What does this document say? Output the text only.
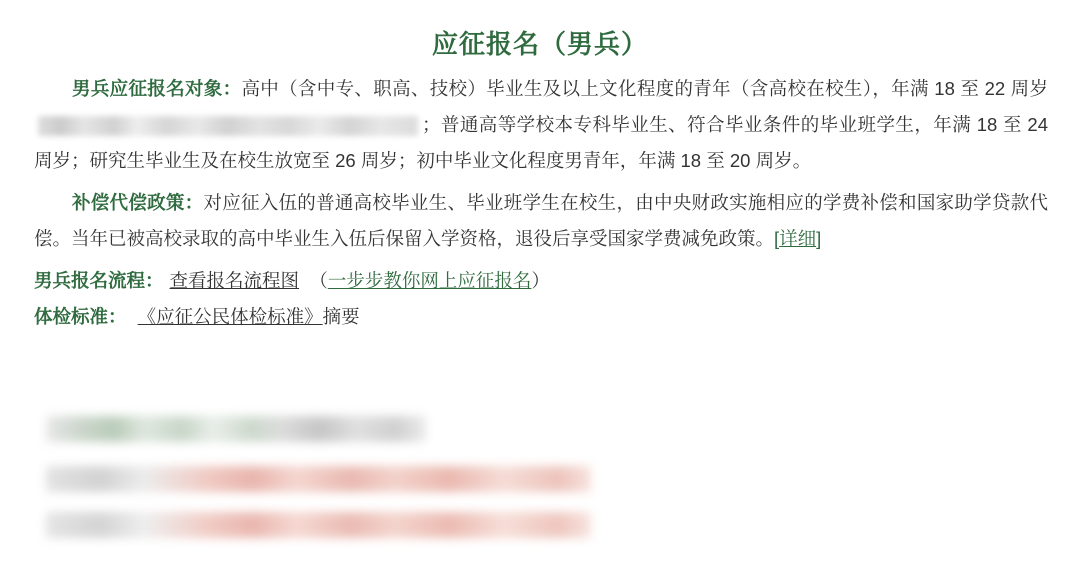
应征报名（男兵）

男兵应征报名对象：高中（含中专、职高、技校）毕业生及以上文化程度的青年（含高校在校生），年满 18 至 22 周岁；普通高等学校本专科毕业生、符合毕业条件的毕业班学生，年满 18 至 24 周岁；研究生毕业生及在校生放宽至 26 周岁；初中毕业文化程度男青年，年满 18 至 20 周岁。

补偿代偿政策：对应征入伍的普通高校毕业生、毕业班学生在校生，由中央财政实施相应的学费补偿和国家助学贷款代偿。当年已被高校录取的高中毕业生入伍后保留入学资格，退役后享受国家学费减免政策。[详细]

男兵报名流程： 查看报名流程图 （一步步教你网上应征报名）
体检标准： 《应征公民体检标准》摘要
